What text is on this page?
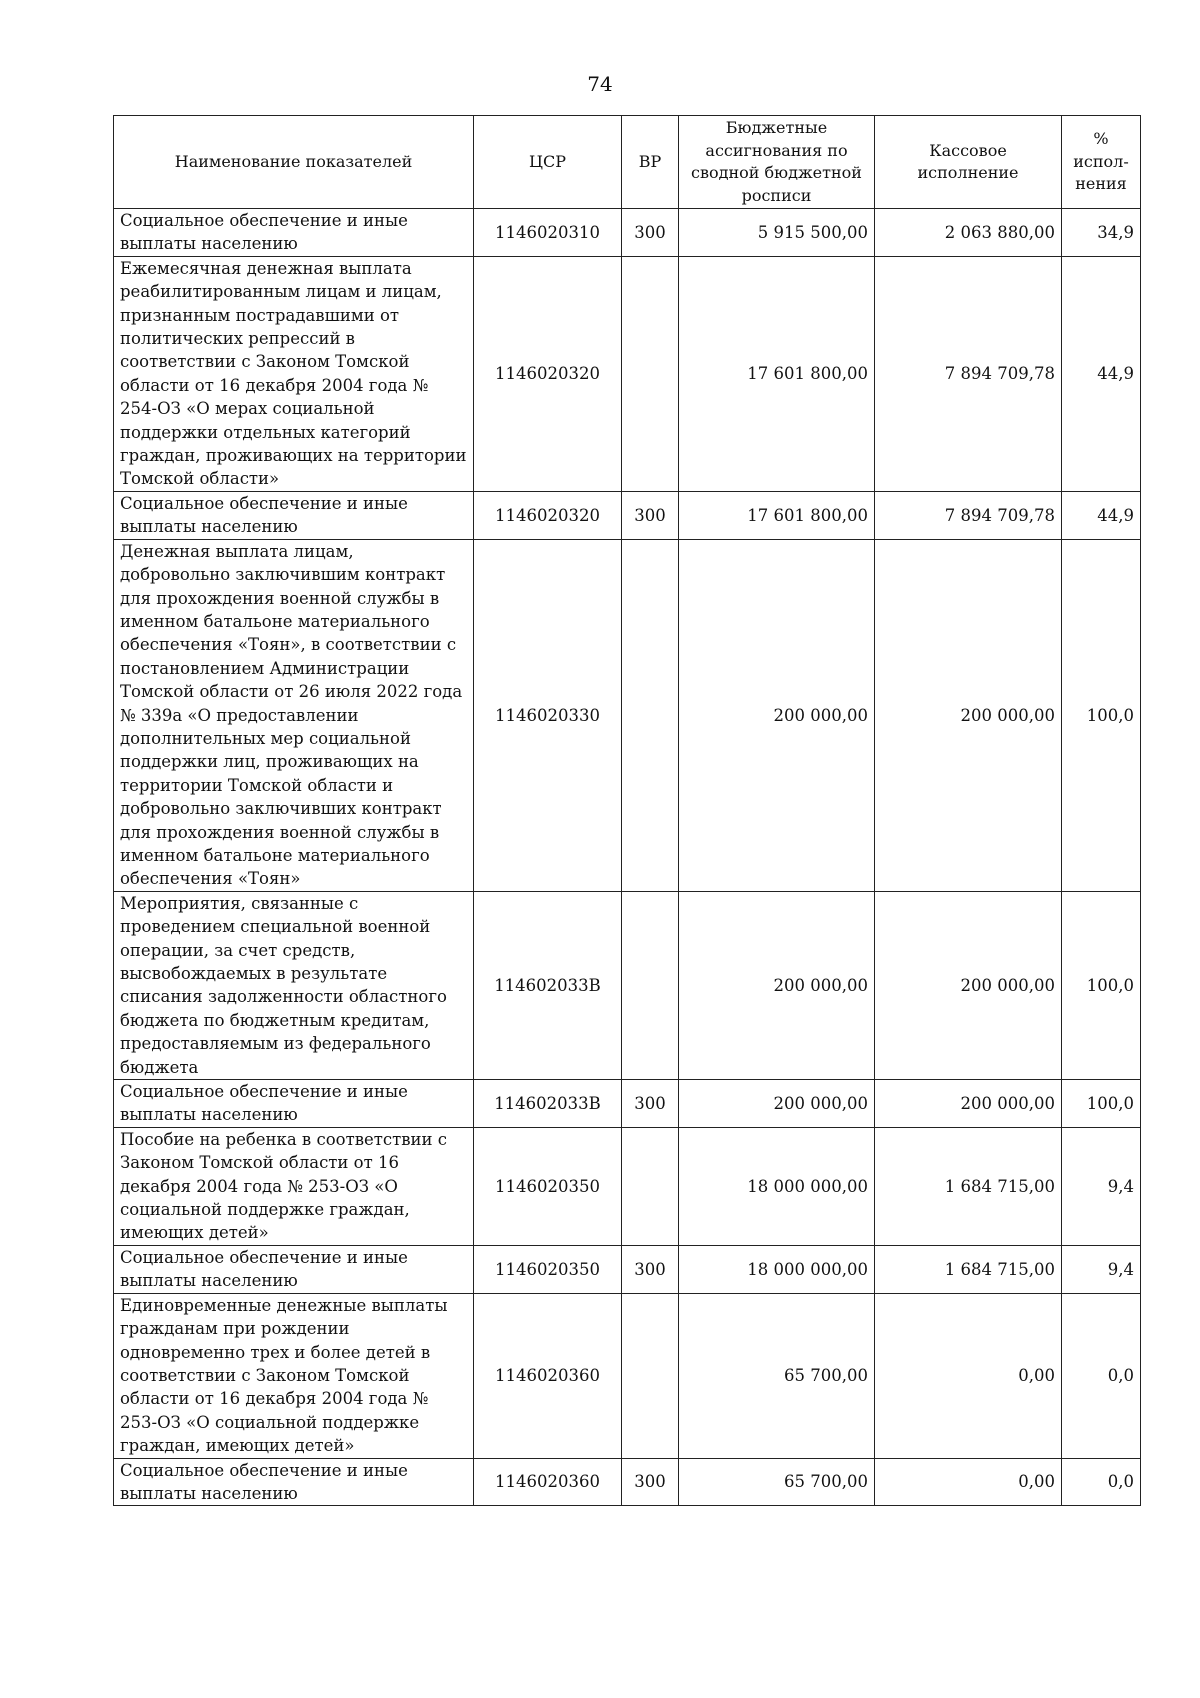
74
Наименование показателей	ЦСР	ВР	Бюджетные ассигнования по сводной бюджетной росписи	Кассовое исполнение	% испол-нения
Социальное обеспечение и иные выплаты населению	1146020310	300	5 915 500,00	2 063 880,00	34,9
Ежемесячная денежная выплата реабилитированным лицам и лицам, признанным пострадавшими от политических репрессий в соответствии с Законом Томской области от 16 декабря 2004 года № 254-ОЗ «О мерах социальной поддержки отдельных категорий граждан, проживающих на территории Томской области»	1146020320		17 601 800,00	7 894 709,78	44,9
Социальное обеспечение и иные выплаты населению	1146020320	300	17 601 800,00	7 894 709,78	44,9
Денежная выплата лицам, добровольно заключившим контракт для прохождения военной службы в именном батальоне материального обеспечения «Тоян», в соответствии с постановлением Администрации Томской области от 26 июля 2022 года № 339а «О предоставлении дополнительных мер социальной поддержки лиц, проживающих на территории Томской области и добровольно заключивших контракт для прохождения военной службы в именном батальоне материального обеспечения «Тоян»	1146020330		200 000,00	200 000,00	100,0
Мероприятия, связанные с проведением специальной военной операции, за счет средств, высвобождаемых в результате списания задолженности областного бюджета по бюджетным кредитам, предоставляемым из федерального бюджета	114602033В		200 000,00	200 000,00	100,0
Социальное обеспечение и иные выплаты населению	114602033В	300	200 000,00	200 000,00	100,0
Пособие на ребенка в соответствии с Законом Томской области от 16 декабря 2004 года № 253-ОЗ «О социальной поддержке граждан, имеющих детей»	1146020350		18 000 000,00	1 684 715,00	9,4
Социальное обеспечение и иные выплаты населению	1146020350	300	18 000 000,00	1 684 715,00	9,4
Единовременные денежные выплаты гражданам при рождении одновременно трех и более детей в соответствии с Законом Томской области от 16 декабря 2004 года № 253-ОЗ «О социальной поддержке граждан, имеющих детей»	1146020360		65 700,00	0,00	0,0
Социальное обеспечение и иные выплаты населению	1146020360	300	65 700,00	0,00	0,0
